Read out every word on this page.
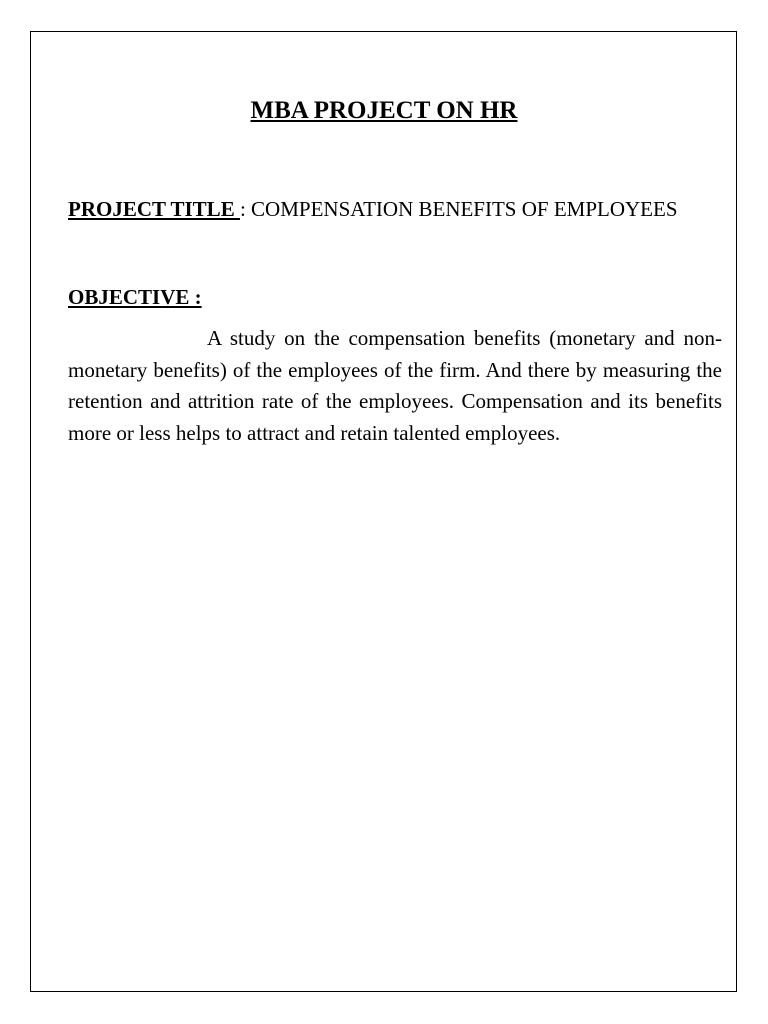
MBA PROJECT ON HR
PROJECT TITLE : COMPENSATION BENEFITS OF EMPLOYEES
OBJECTIVE :

A study on the compensation benefits (monetary and non-monetary benefits) of the employees of the firm. And there by measuring the retention and attrition rate of the employees. Compensation and its benefits more or less helps to attract and retain talented employees.
